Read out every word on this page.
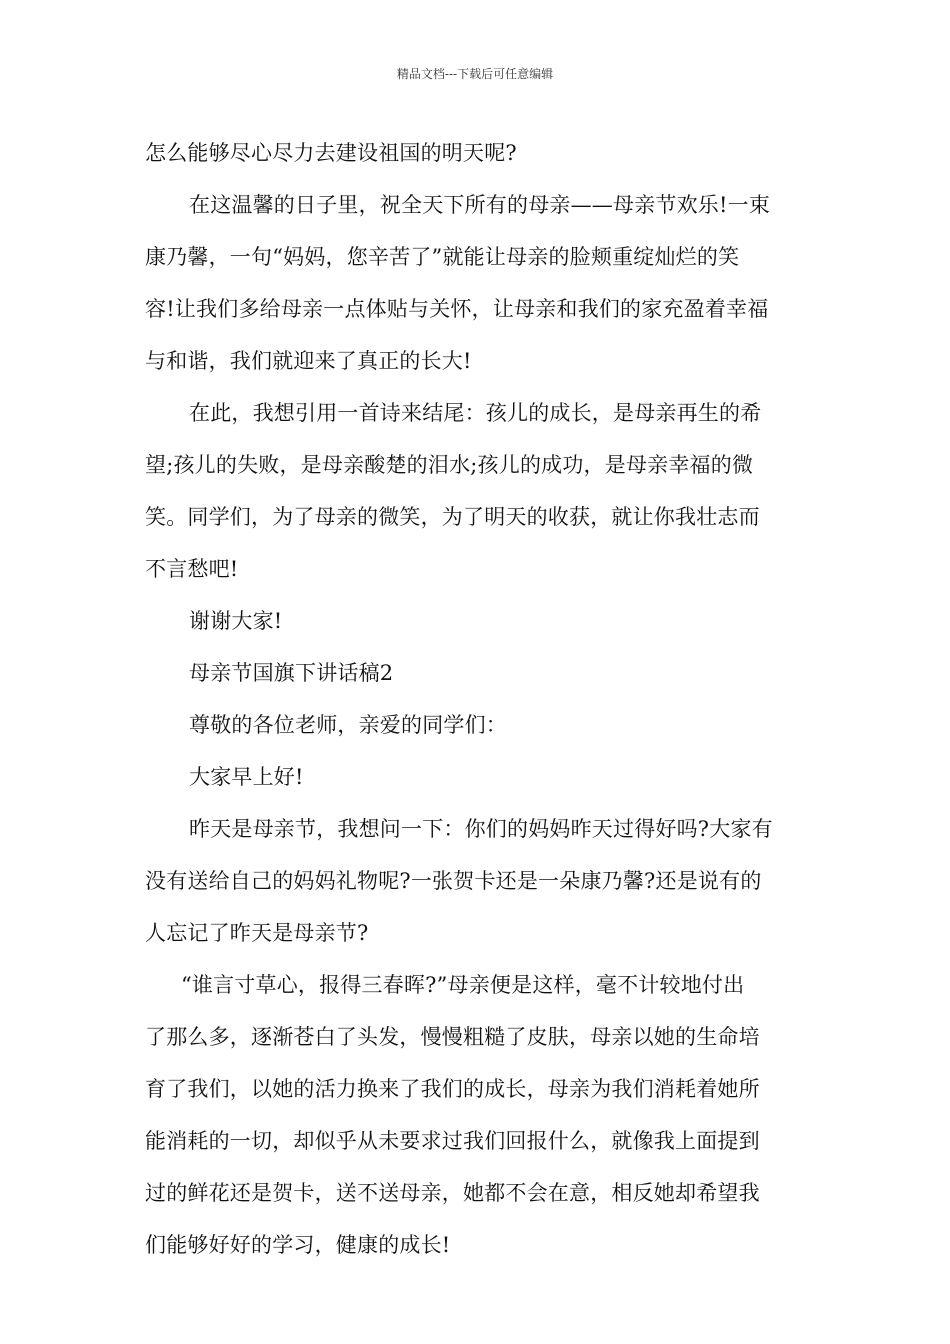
精品文档---下载后可任意编辑
怎么能够尽心尽力去建设祖国的明天呢?
在这温馨的日子里，祝全天下所有的母亲——母亲节欢乐!一束
康乃馨，一句“妈妈，您辛苦了”就能让母亲的脸颊重绽灿烂的笑
容!让我们多给母亲一点体贴与关怀，让母亲和我们的家充盈着幸福
与和谐，我们就迎来了真正的长大!
在此，我想引用一首诗来结尾：孩儿的成长，是母亲再生的希
望;孩儿的失败，是母亲酸楚的泪水;孩儿的成功，是母亲幸福的微
笑。同学们，为了母亲的微笑，为了明天的收获，就让你我壮志而
不言愁吧!
谢谢大家!
母亲节国旗下讲话稿2
尊敬的各位老师，亲爱的同学们：
大家早上好!
昨天是母亲节，我想问一下：你们的妈妈昨天过得好吗?大家有
没有送给自己的妈妈礼物呢?一张贺卡还是一朵康乃馨?还是说有的
人忘记了昨天是母亲节?
“谁言寸草心，报得三春晖?”母亲便是这样，毫不计较地付出
了那么多，逐渐苍白了头发，慢慢粗糙了皮肤，母亲以她的生命培
育了我们，以她的活力换来了我们的成长，母亲为我们消耗着她所
能消耗的一切，却似乎从未要求过我们回报什么，就像我上面提到
过的鲜花还是贺卡，送不送母亲，她都不会在意，相反她却希望我
们能够好好的学习，健康的成长!
